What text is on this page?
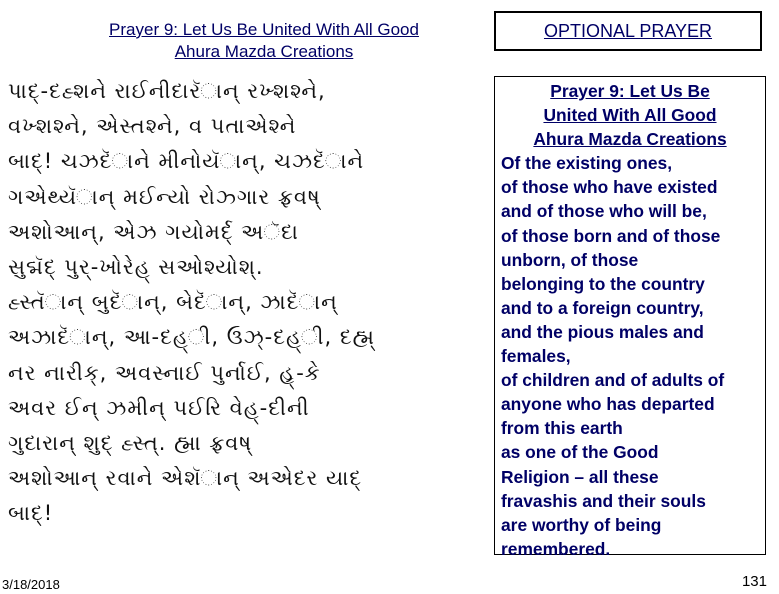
Prayer 9: Let Us Be United With All Good
Ahura Mazda Creations
OPTIONAL PRAYER
પાદ્-દહ્શને રાઈનીદારૅાન્ રખ્શશ્ને,
વખ્શશ્ને, એસ્તશ્ને, વ પતાએશ્ને
બાદ્! ચઝદૅાને મીનોયૅાન્, ચઝદૅાને
ગએથ્યૅાન્ મઈન્યો રોઝ્ગાર ફ્રવષ્
અશોઆન્, એઝ ગયોમર્દ્ અૅદા
સુદ્મૅદ્ પુર્-ખોરેહ્ સઓશ્યોશ્.
હ્સ્તૅાન્ બુદૅાન્, બેદૅાન્, ઝાદૅાન્
અઝાદૅાન્, આ-દહ્ી, ઉઝ્-દહ્ી, દહ્મ્
નર નારીક્, અવસ્નાઈ પુર્નાઈ, હ્ર્-કે
અવર ઈન્ ઝમીન્ પઈરિ વેહ્-દીની
ગુદારાન્ શુદ્ હ્સ્ત્. હ્મા ફ્રવષ્
અશોઆન્ રવાને એશૅાન્ અએદર યાદ્
બાદ્!
Prayer 9: Let Us Be
United With All Good
Ahura Mazda Creations
Of the existing ones,
of those who have existed
and of those who will be,
of those born and of those
unborn, of those
belonging to the country
and to a foreign country,
and the pious males and
females,
of children and of adults of
anyone who has departed
from this earth
as one of the Good
Religion – all these
fravashis and their souls
are worthy of being
remembered.
3/18/2018	131
